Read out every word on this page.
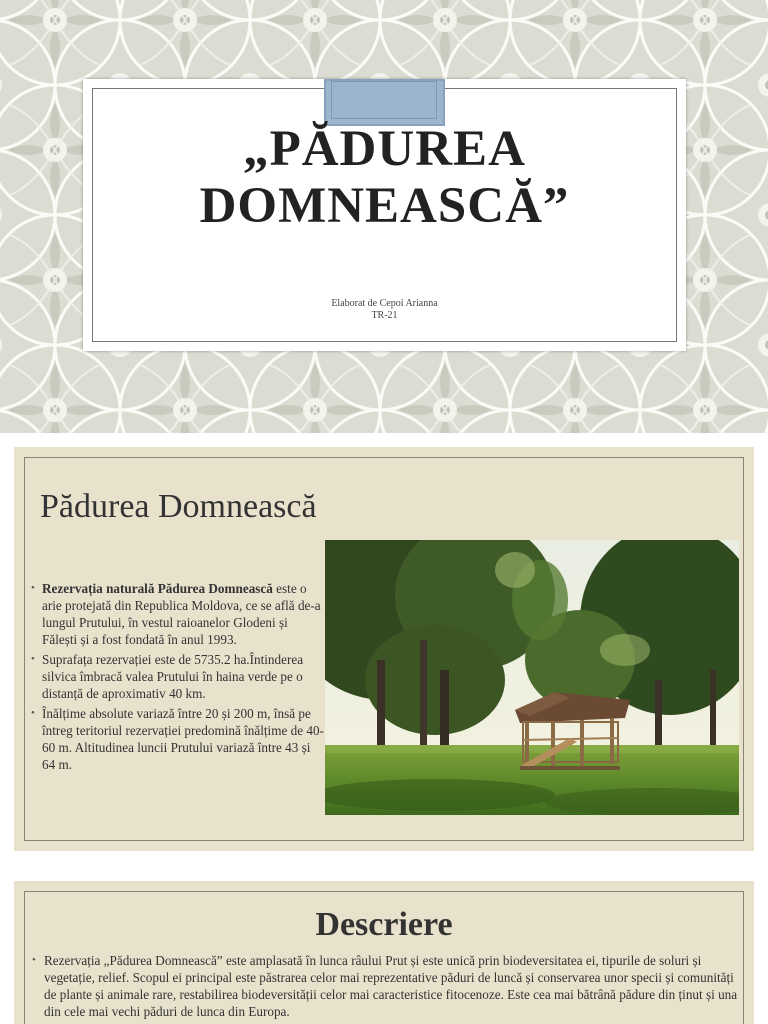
„PĂDUREA DOMNEASCĂ”
Elaborat de Cepoi Arianna
TR-21
Pădurea Domnească
• Rezervația naturală Pădurea Domnească este o arie protejată din Republica Moldova, ce se află de-a lungul Prutului, în vestul raioanelor Glodeni și Fălești și a fost fondată în anul 1993.
• Suprafața rezervației este de 5735.2 ha.Întinderea silvica îmbracă valea Prutului în haina verde pe o distanță de aproximativ 40 km.
• Înălțime absolute variază între 20 și 200 m, însă pe întreg teritoriul rezervației predomină înălțime de 40-60 m. Altitudinea luncii Prutului variază între 43 și 64 m.
Descriere
• Rezervația „Pădurea Domnească” este amplasată în lunca râului Prut și este unică prin biodeversitatea ei, tipurile de soluri și vegetație, relief. Scopul ei principal este păstrarea celor mai reprezentative păduri de luncă și conservarea unor specii și comunități de plante și animale rare, restabilirea biodeversității celor mai caracteristice fitocenoze. Este cea mai bătrână pădure din ținut și una din cele mai vechi păduri de lunca din Europa.
